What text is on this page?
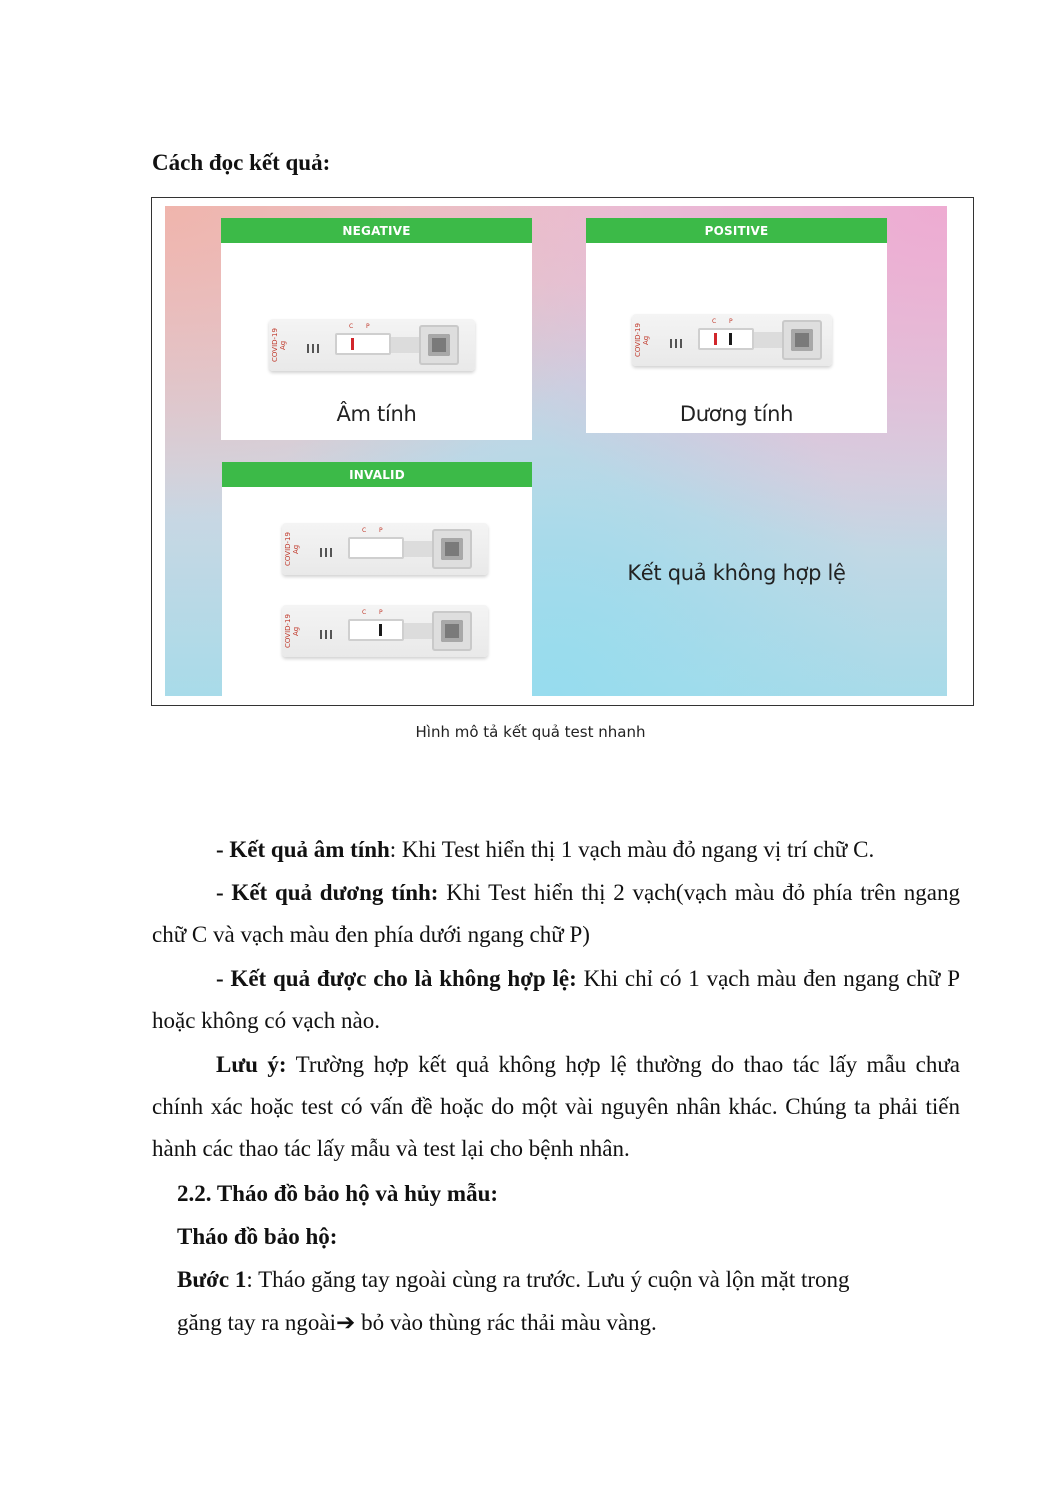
Cách đọc kết quả:
NEGATIVE
COVID-19 Ag
C P
Âm tính
POSITIVE
COVID-19 Ag
C P
Dương tính
INVALID
COVID-19 Ag
C P
COVID-19 Ag
C P
Kết quả không hợp lệ
Hình mô tả kết quả test nhanh
- Kết quả âm tính: Khi Test hiển thị 1 vạch màu đỏ ngang vị trí chữ C.
- Kết quả dương tính: Khi Test hiển thị 2 vạch(vạch màu đỏ phía trên ngang chữ C và vạch màu đen phía dưới ngang chữ P)
- Kết quả được cho là không hợp lệ: Khi chỉ có 1 vạch màu đen ngang chữ P hoặc không có vạch nào.
Lưu ý: Trường hợp kết quả không hợp lệ thường do thao tác lấy mẫu chưa chính xác hoặc test có vấn đề hoặc do một vài nguyên nhân khác. Chúng ta phải tiến hành các thao tác lấy mẫu và test lại cho bệnh nhân.
2.2. Tháo đồ bảo hộ và hủy mẫu:
Tháo đồ bảo hộ:
Bước 1: Tháo găng tay ngoài cùng ra trước. Lưu ý cuộn và lộn mặt trong
găng tay ra ngoài➔ bỏ vào thùng rác thải màu vàng.
